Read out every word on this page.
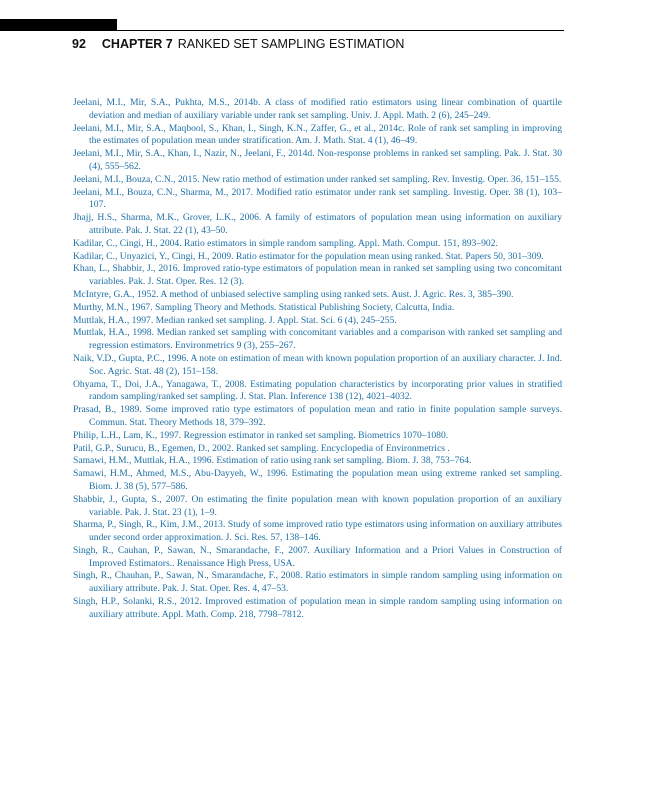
92 CHAPTER 7 RANKED SET SAMPLING ESTIMATION
Jeelani, M.I., Mir, S.A., Pukhta, M.S., 2014b. A class of modified ratio estimators using linear combination of quartile deviation and median of auxiliary variable under rank set sampling. Univ. J. Appl. Math. 2 (6), 245–249.
Jeelani, M.I., Mir, S.A., Maqbool, S., Khan, I., Singh, K.N., Zaffer, G., et al., 2014c. Role of rank set sampling in improving the estimates of population mean under stratification. Am. J. Math. Stat. 4 (1), 46–49.
Jeelani, M.I., Mir, S.A., Khan, I., Nazir, N., Jeelani, F., 2014d. Non-response problems in ranked set sampling. Pak. J. Stat. 30 (4), 555–562.
Jeelani, M.I., Bouza, C.N., 2015. New ratio method of estimation under ranked set sampling. Rev. Investig. Oper. 36, 151–155.
Jeelani, M.I., Bouza, C.N., Sharma, M., 2017. Modified ratio estimator under rank set sampling. Investig. Oper. 38 (1), 103–107.
Jhajj, H.S., Sharma, M.K., Grover, L.K., 2006. A family of estimators of population mean using information on auxiliary attribute. Pak. J. Stat. 22 (1), 43–50.
Kadilar, C., Cingi, H., 2004. Ratio estimators in simple random sampling. Appl. Math. Comput. 151, 893–902.
Kadilar, C., Unyazici, Y., Cingi, H., 2009. Ratio estimator for the population mean using ranked. Stat. Papers 50, 301–309.
Khan, L., Shabbir, J., 2016. Improved ratio-type estimators of population mean in ranked set sampling using two concomitant variables. Pak. J. Stat. Oper. Res. 12 (3).
McIntyre, G.A., 1952. A method of unbiased selective sampling using ranked sets. Aust. J. Agric. Res. 3, 385–390.
Murthy, M.N., 1967. Sampling Theory and Methods. Statistical Publishing Society, Calcutta, India.
Muttlak, H.A., 1997. Median ranked set sampling. J. Appl. Stat. Sci. 6 (4), 245–255.
Muttlak, H.A., 1998. Median ranked set sampling with concomitant variables and a comparison with ranked set sampling and regression estimators. Environmetrics 9 (3), 255–267.
Naik, V.D., Gupta, P.C., 1996. A note on estimation of mean with known population proportion of an auxiliary character. J. Ind. Soc. Agric. Stat. 48 (2), 151–158.
Ohyama, T., Doi, J.A., Yanagawa, T., 2008. Estimating population characteristics by incorporating prior values in stratified random sampling/ranked set sampling. J. Stat. Plan. Inference 138 (12), 4021–4032.
Prasad, B., 1989. Some improved ratio type estimators of population mean and ratio in finite population sample surveys. Commun. Stat. Theory Methods 18, 379–392.
Philip, L.H., Lam, K., 1997. Regression estimator in ranked set sampling. Biometrics 1070–1080.
Patil, G.P., Surucu, B., Egemen, D., 2002. Ranked set sampling. Encyclopedia of Environmetrics .
Samawi, H.M., Muttlak, H.A., 1996. Estimation of ratio using rank set sampling. Biom. J. 38, 753–764.
Samawi, H.M., Ahmed, M.S., Abu-Dayyeh, W., 1996. Estimating the population mean using extreme ranked set sampling. Biom. J. 38 (5), 577–586.
Shabbir, J., Gupta, S., 2007. On estimating the finite population mean with known population proportion of an auxiliary variable. Pak. J. Stat. 23 (1), 1–9.
Sharma, P., Singh, R., Kim, J.M., 2013. Study of some improved ratio type estimators using information on auxiliary attributes under second order approximation. J. Sci. Res. 57, 138–146.
Singh, R., Cauhan, P., Sawan, N., Smarandache, F., 2007. Auxiliary Information and a Priori Values in Construction of Improved Estimators.. Renaissance High Press, USA.
Singh, R., Chauhan, P., Sawan, N., Smarandache, F., 2008. Ratio estimators in simple random sampling using information on auxiliary attribute. Pak. J. Stat. Oper. Res. 4, 47–53.
Singh, H.P., Solanki, R.S., 2012. Improved estimation of population mean in simple random sampling using information on auxiliary attribute. Appl. Math. Comp. 218, 7798–7812.
